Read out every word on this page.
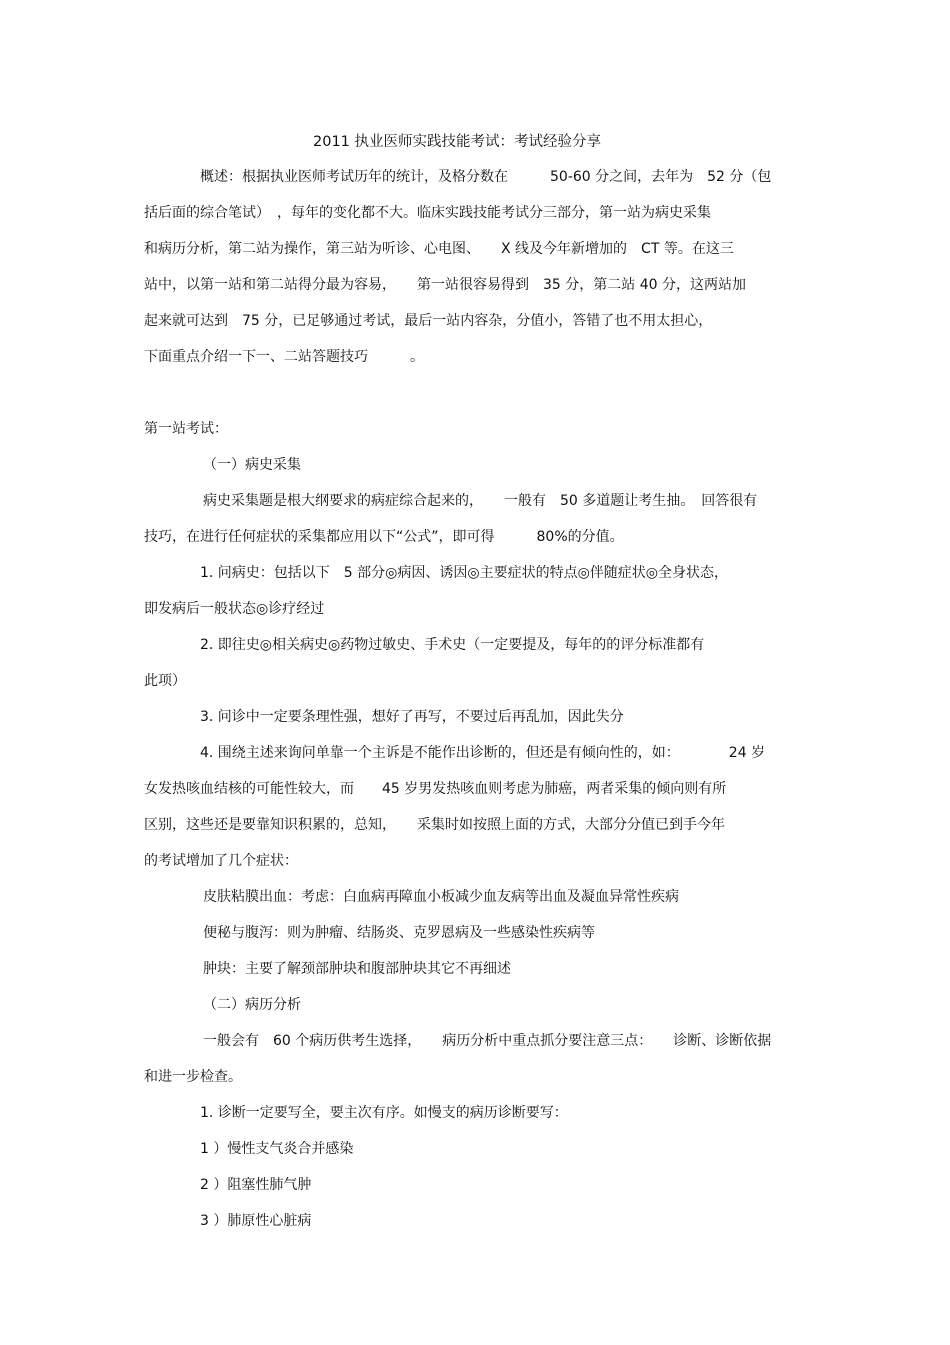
2011 执业医师实践技能考试：考试经验分享
概述：根据执业医师考试历年的统计，及格分数在　　　50-60 分之间，去年为　52 分（包
括后面的综合笔试）　，每年的变化都不大。临床实践技能考试分三部分，第一站为病史采集
和病历分析，第二站为操作，第三站为听诊、心电图、　　X 线及今年新增加的　CT 等。在这三
站中，以第一站和第二站得分最为容易，　　第一站很容易得到　35 分，第二站 40 分，这两站加
起来就可达到　75 分，已足够通过考试，最后一站内容杂，分值小，答错了也不用太担心，
下面重点介绍一下一、二站答题技巧　　　。
第一站考试：
（一）病史采集
病史采集题是根大纲要求的病症综合起来的，　　一般有　50 多道题让考生抽。　回答很有
技巧，在进行任何症状的采集都应用以下“公式”，即可得　　　80%的分值。
1. 问病史：包括以下　5 部分◎病因、诱因◎主要症状的特点◎伴随症状◎全身状态，
即发病后一般状态◎诊疗经过
2. 即往史◎相关病史◎药物过敏史、手术史（一定要提及，每年的的评分标准都有
此项）
3. 问诊中一定要条理性强，想好了再写，不要过后再乱加，因此失分
4. 围绕主述来询问单靠一个主诉是不能作出诊断的，但还是有倾向性的，如：　　　　24 岁
女发热咳血结核的可能性较大，而　　45 岁男发热咳血则考虑为肺癌，两者采集的倾向则有所
区别，这些还是要靠知识积累的，总知，　　采集时如按照上面的方式，大部分分值已到手今年
的考试增加了几个症状：
皮肤粘膜出血：考虑：白血病再障血小板减少血友病等出血及凝血异常性疾病
便秘与腹泻：则为肿瘤、结肠炎、克罗恩病及一些感染性疾病等
肿块：主要了解颈部肿块和腹部肿块其它不再细述
（二）病历分析
一般会有　60 个病历供考生选择，　　病历分析中重点抓分要注意三点：　　诊断、诊断依据
和进一步检查。
1. 诊断一定要写全，要主次有序。如慢支的病历诊断要写：
1 ）慢性支气炎合并感染
2 ）阻塞性肺气肿
3 ）肺原性心脏病
